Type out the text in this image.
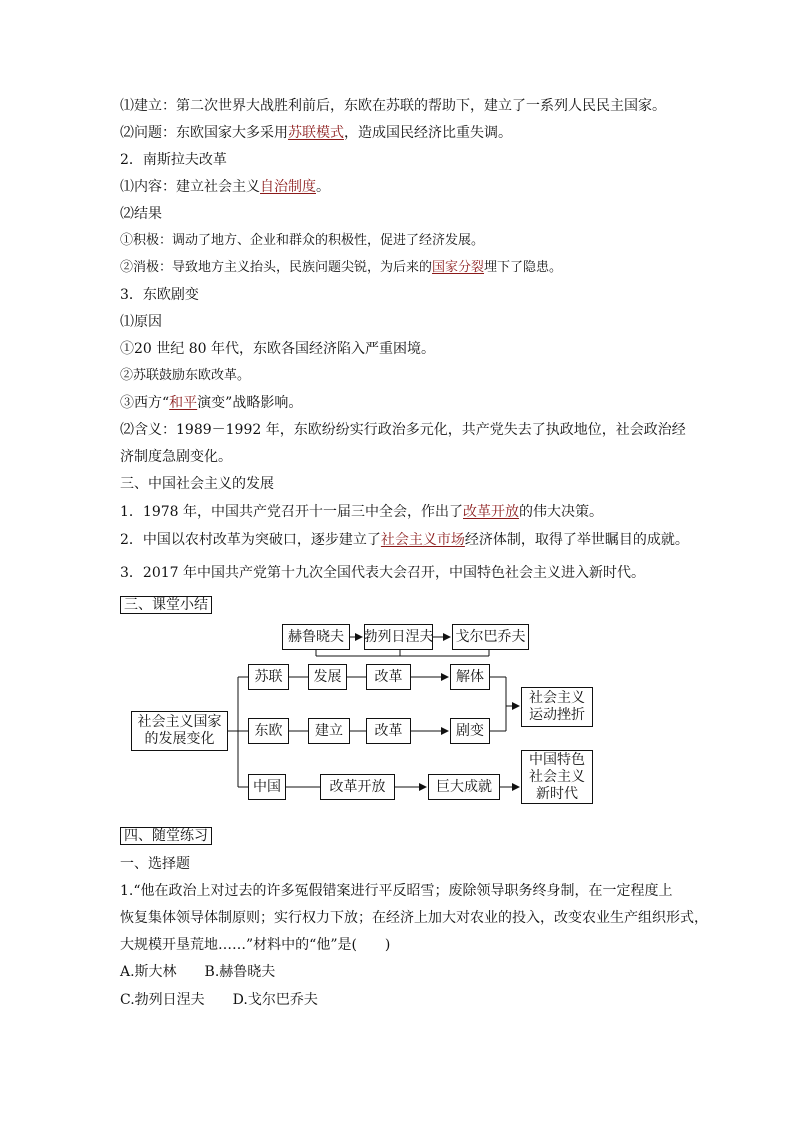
⑴建立：第二次世界大战胜利前后，东欧在苏联的帮助下，建立了一系列人民民主国家。
⑵问题：东欧国家大多采用苏联模式，造成国民经济比重失调。
2．南斯拉夫改革
⑴内容：建立社会主义自治制度。
⑵结果
①积极：调动了地方、企业和群众的积极性，促进了经济发展。
②消极：导致地方主义抬头，民族问题尖锐，为后来的国家分裂埋下了隐患。
3．东欧剧变
⑴原因
①20 世纪 80 年代，东欧各国经济陷入严重困境。
②苏联鼓励东欧改革。
③西方“和平演变”战略影响。
⑵含义：1989－1992 年，东欧纷纷实行政治多元化，共产党失去了执政地位，社会政治经
济制度急剧变化。
三、中国社会主义的发展
1．1978 年，中国共产党召开十一届三中全会，作出了改革开放的伟大决策。
2．中国以农村改革为突破口，逐步建立了社会主义市场经济体制，取得了举世瞩目的成就。
3．2017 年中国共产党第十九次全国代表大会召开，中国特色社会主义进入新时代。
三、课堂小结
赫鲁晓夫	勃列日涅夫 戈尔巴乔夫
社会主义国家
的发展变化
苏联	发展	改革	解体
东欧	建立	改革	剧变
社会主义
运动挫折
中国	改革开放	巨大成就
中国特色
社会主义
新时代
四、随堂练习
一、选择题
1.“他在政治上对过去的许多冤假错案进行平反昭雪；废除领导职务终身制，在一定程度上
恢复集体领导体制原则；实行权力下放；在经济上加大对农业的投入，改变农业生产组织形式，
大规模开垦荒地……”材料中的“他”是(　　)
A.斯大林　　B.赫鲁晓夫
C.勃列日涅夫　　D.戈尔巴乔夫
